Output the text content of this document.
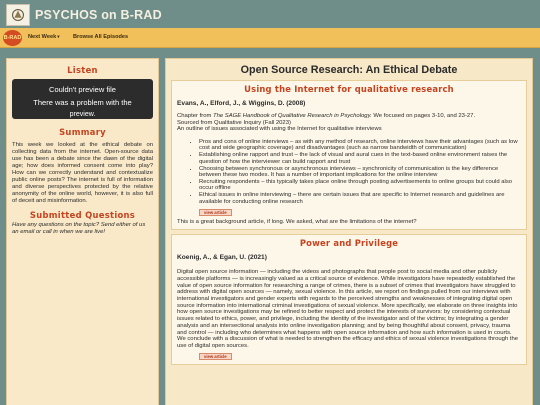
PSYCHOS on B-RAD
B-RAD Next Week▾ Browse All Episodes
Listen
Couldn't preview file
There was a problem with the
preview.
Summary
This week we looked at the ethical debate on collecting data from the internet. Open-source data use has been a debate since the dawn of the digital age; how does informed consent come into play? How can we correctly understand and contextualize public online posts? The internet is full of information and diverse perspectives protected by the relative anonymity of the online world, however, it is also full of deceit and misinformation.
Submitted Questions
Have any questions on the topic? Send either of us an email or call in when we are live!
Open Source Research: An Ethical Debate
Using the Internet for qualitative research
Evans, A., Elford, J., & Wiggins, D. (2008)
Chapter from The SAGE Handbook of Qualitative Research in Psychology. We focused on pages 3-10, and 23-27.
Sourced from Qualitative Inquiry (Fall 2023)
An outline of issues associated with using the Internet for qualitative interviews
• Pros and cons of online interviews – as with any method of research, online interviews have their advantages (such as low cost and wide geographic coverage) and disadvantages (such as narrow bandwidth of communication)
• Establishing online rapport and trust – the lack of visual and aural cues in the text-based online environment raises the question of how the interviewer can build rapport and trust
• Choosing between synchronous or asynchronous interviews – synchronicity of communication is the key difference between these two modes. It has a number of important implications for the online interview
• Recruiting respondents – this typically takes place online through posting advertisements to online groups but could also occur offline
• Ethical issues in online interviewing – there are certain issues that are specific to Internet research and guidelines are available for conducting online research
view article
This is a great background article, if long. We asked, what are the limitations of the internet?
Power and Privilege
Koenig, A., & Egan, U. (2021)
Digital open source information — including the videos and photographs that people post to social media and other publicly accessible platforms — is increasingly valued as a critical source of evidence. While investigators have repeatedly established the value of open source information for researching a range of crimes, there is a subset of crimes that investigators have struggled to address with digital open sources — namely, sexual violence. In this article, we report on findings pulled from our interviews with international investigators and gender experts with regards to the perceived strengths and weaknesses of integrating digital open source information into international criminal investigations of sexual violence. More specifically, we elaborate on three insights into how open source investigations may be refined to better respect and protect the interests of survivors: by considering contextual issues related to ethics, power, and privilege, including the identity of the investigator and of the victims; by integrating a gender analysis and an intersectional analysis into online investigation planning; and by being thoughtful about consent, privacy, trauma and control — including who determines what happens with open source information and how such information is used in courts. We conclude with a discussion of what is needed to strengthen the efficacy and ethics of sexual violence investigations through the use of digital open sources.
view article
